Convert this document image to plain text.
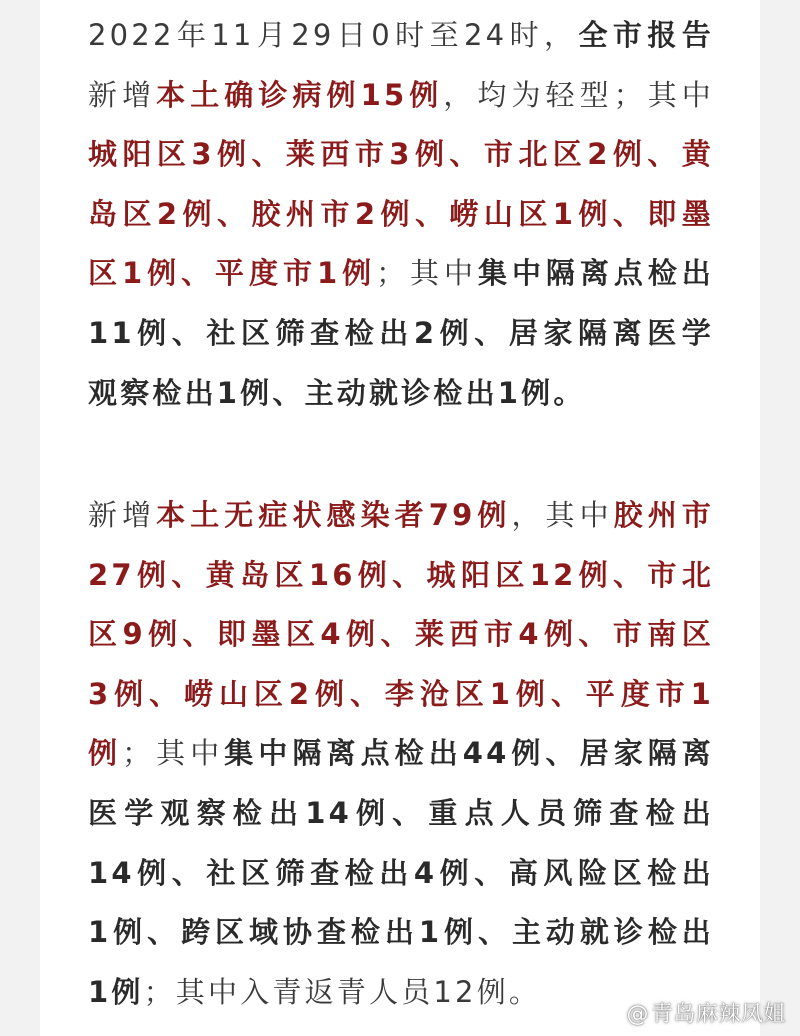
2022年11月29日0时至24时，全市报告
新增本土确诊病例15例，均为轻型；其中
城阳区3例、莱西市3例、市北区2例、黄
岛区2例、胶州市2例、崂山区1例、即墨
区1例、平度市1例；其中集中隔离点检出
11例、社区筛查检出2例、居家隔离医学
观察检出1例、主动就诊检出1例。
新增本土无症状感染者79例，其中胶州市
27例、黄岛区16例、城阳区12例、市北
区9例、即墨区4例、莱西市4例、市南区
3例、崂山区2例、李沧区1例、平度市1
例；其中集中隔离点检出44例、居家隔离
医学观察检出14例、重点人员筛查检出
14例、社区筛查检出4例、高风险区检出
1例、跨区域协查检出1例、主动就诊检出
1例；其中入青返青人员12例。
@青岛麻辣凤姐
